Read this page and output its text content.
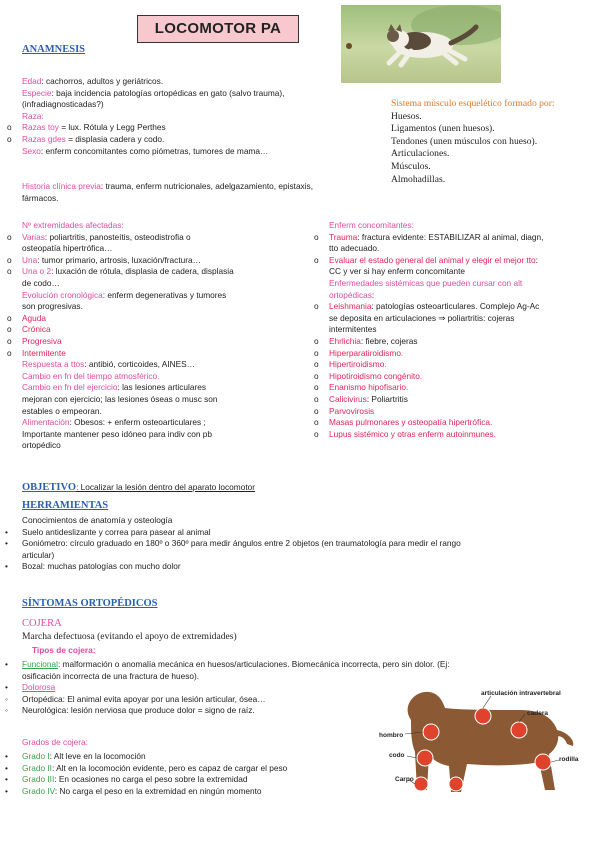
LOCOMOTOR PA
ANAMNESIS
Edad: cachorros, adultos y geriátricos.
Especie: baja incidencia patologías ortopédicas en gato (salvo trauma),
(infradiagnosticadas?)
Raza:
o Razas toy = lux. Rótula y Legg Perthes
o Razas gdes = displasia cadera y codo.
Sexo: enferm concomitantes como piómetras, tumores de mama…
Historia clínica previa: trauma, enferm nutricionales, adelgazamiento, epistaxis,
fármacos.
Sistema músculo esquelético formado por:
Huesos.
Ligamentos (unen huesos).
Tendones (unen músculos con hueso).
Articulaciones.
Músculos.
Almohadillas.
Nº extremidades afectadas:
o Varias: poliartritis, panosteítis, osteodistrofia o
osteopatía hipertrófica…
o Una: tumor primario, artrosis, luxación/fractura…
o Una o 2: luxación de rótula, displasia de cadera, displasia
de codo…
Evolución cronológica: enferm degenerativas y tumores
son progresivas.
o Aguda
o Crónica
o Progresiva
o Intermitente
Respuesta a ttos: antibió, corticoides, AINES…
Cambio en fn del tiempo atmosférico.
Cambio en fn del ejercicio: las lesiones articulares
mejoran con ejercicio; las lesiones óseas o musc son
estables o empeoran.
Alimentación: Obesos: + enferm osteoarticulares ;
Importante mantener peso idóneo para indiv con pb
ortopédico
Enferm concomitantes:
o Trauma: fractura evidente: ESTABILIZAR al animal, diagn,
tto adecuado.
o Evaluar el estado general del animal y elegir el mejor tto:
CC y ver si hay enferm concomitante
Enfermedades sistémicas que pueden cursar con alt
ortopédicas:
o Leishmania: patologías osteoarticulares. Complejo Ag-Ac
se deposita en articulaciones ⇒ poliartritis: cojeras
intermitentes
o Ehrlichia: fiebre, cojeras
o Hiperparatiroidismo.
o Hipertiroidismo.
o Hipotiroidismo congénito.
o Enanismo hipofisario.
o Calicivirus: Poliartritis
o Parvovirosis
o Masas pulmonares y osteopatía hipertrófica.
o Lupus sistémico y otras enferm autoinmunes.
OBJETIVO: Localizar la lesión dentro del aparato locomotor
HERRAMIENTAS
Conocimientos de anatomía y osteología
• Suelo antideslizante y correa para pasear al animal
• Goniómetro: círculo graduado en 180º o 360º para medir ángulos entre 2 objetos (en traumatología para medir el rango
articular)
• Bozal: muchas patologías con mucho dolor
SÍNTOMAS ORTOPÉDICOS
COJERA
Marcha defectuosa (evitando el apoyo de extremidades)
Tipos de cojera:
• Funcional: malformación o anomalía mecánica en huesos/articulaciones. Biomecánica incorrecta, pero sin dolor. (Ej:
osificación incorrecta de una fractura de hueso).
• Dolorosa
◦ Ortopédica: El animal evita apoyar por una lesión articular, ósea…
◦ Neurológica: lesión nerviosa que produce dolor = signo de raíz.
Grados de cojera:
• Grado I: Alt leve en la locomoción
• Grado II: Alt en la locomoción evidente, pero es capaz de cargar el peso
• Grado III: En ocasiones no carga el peso sobre la extremidad
• Grado IV: No carga el peso en la extremidad en ningún momento
articulación intravertebral
cadera
hombro
codo
rodilla
Carpo
